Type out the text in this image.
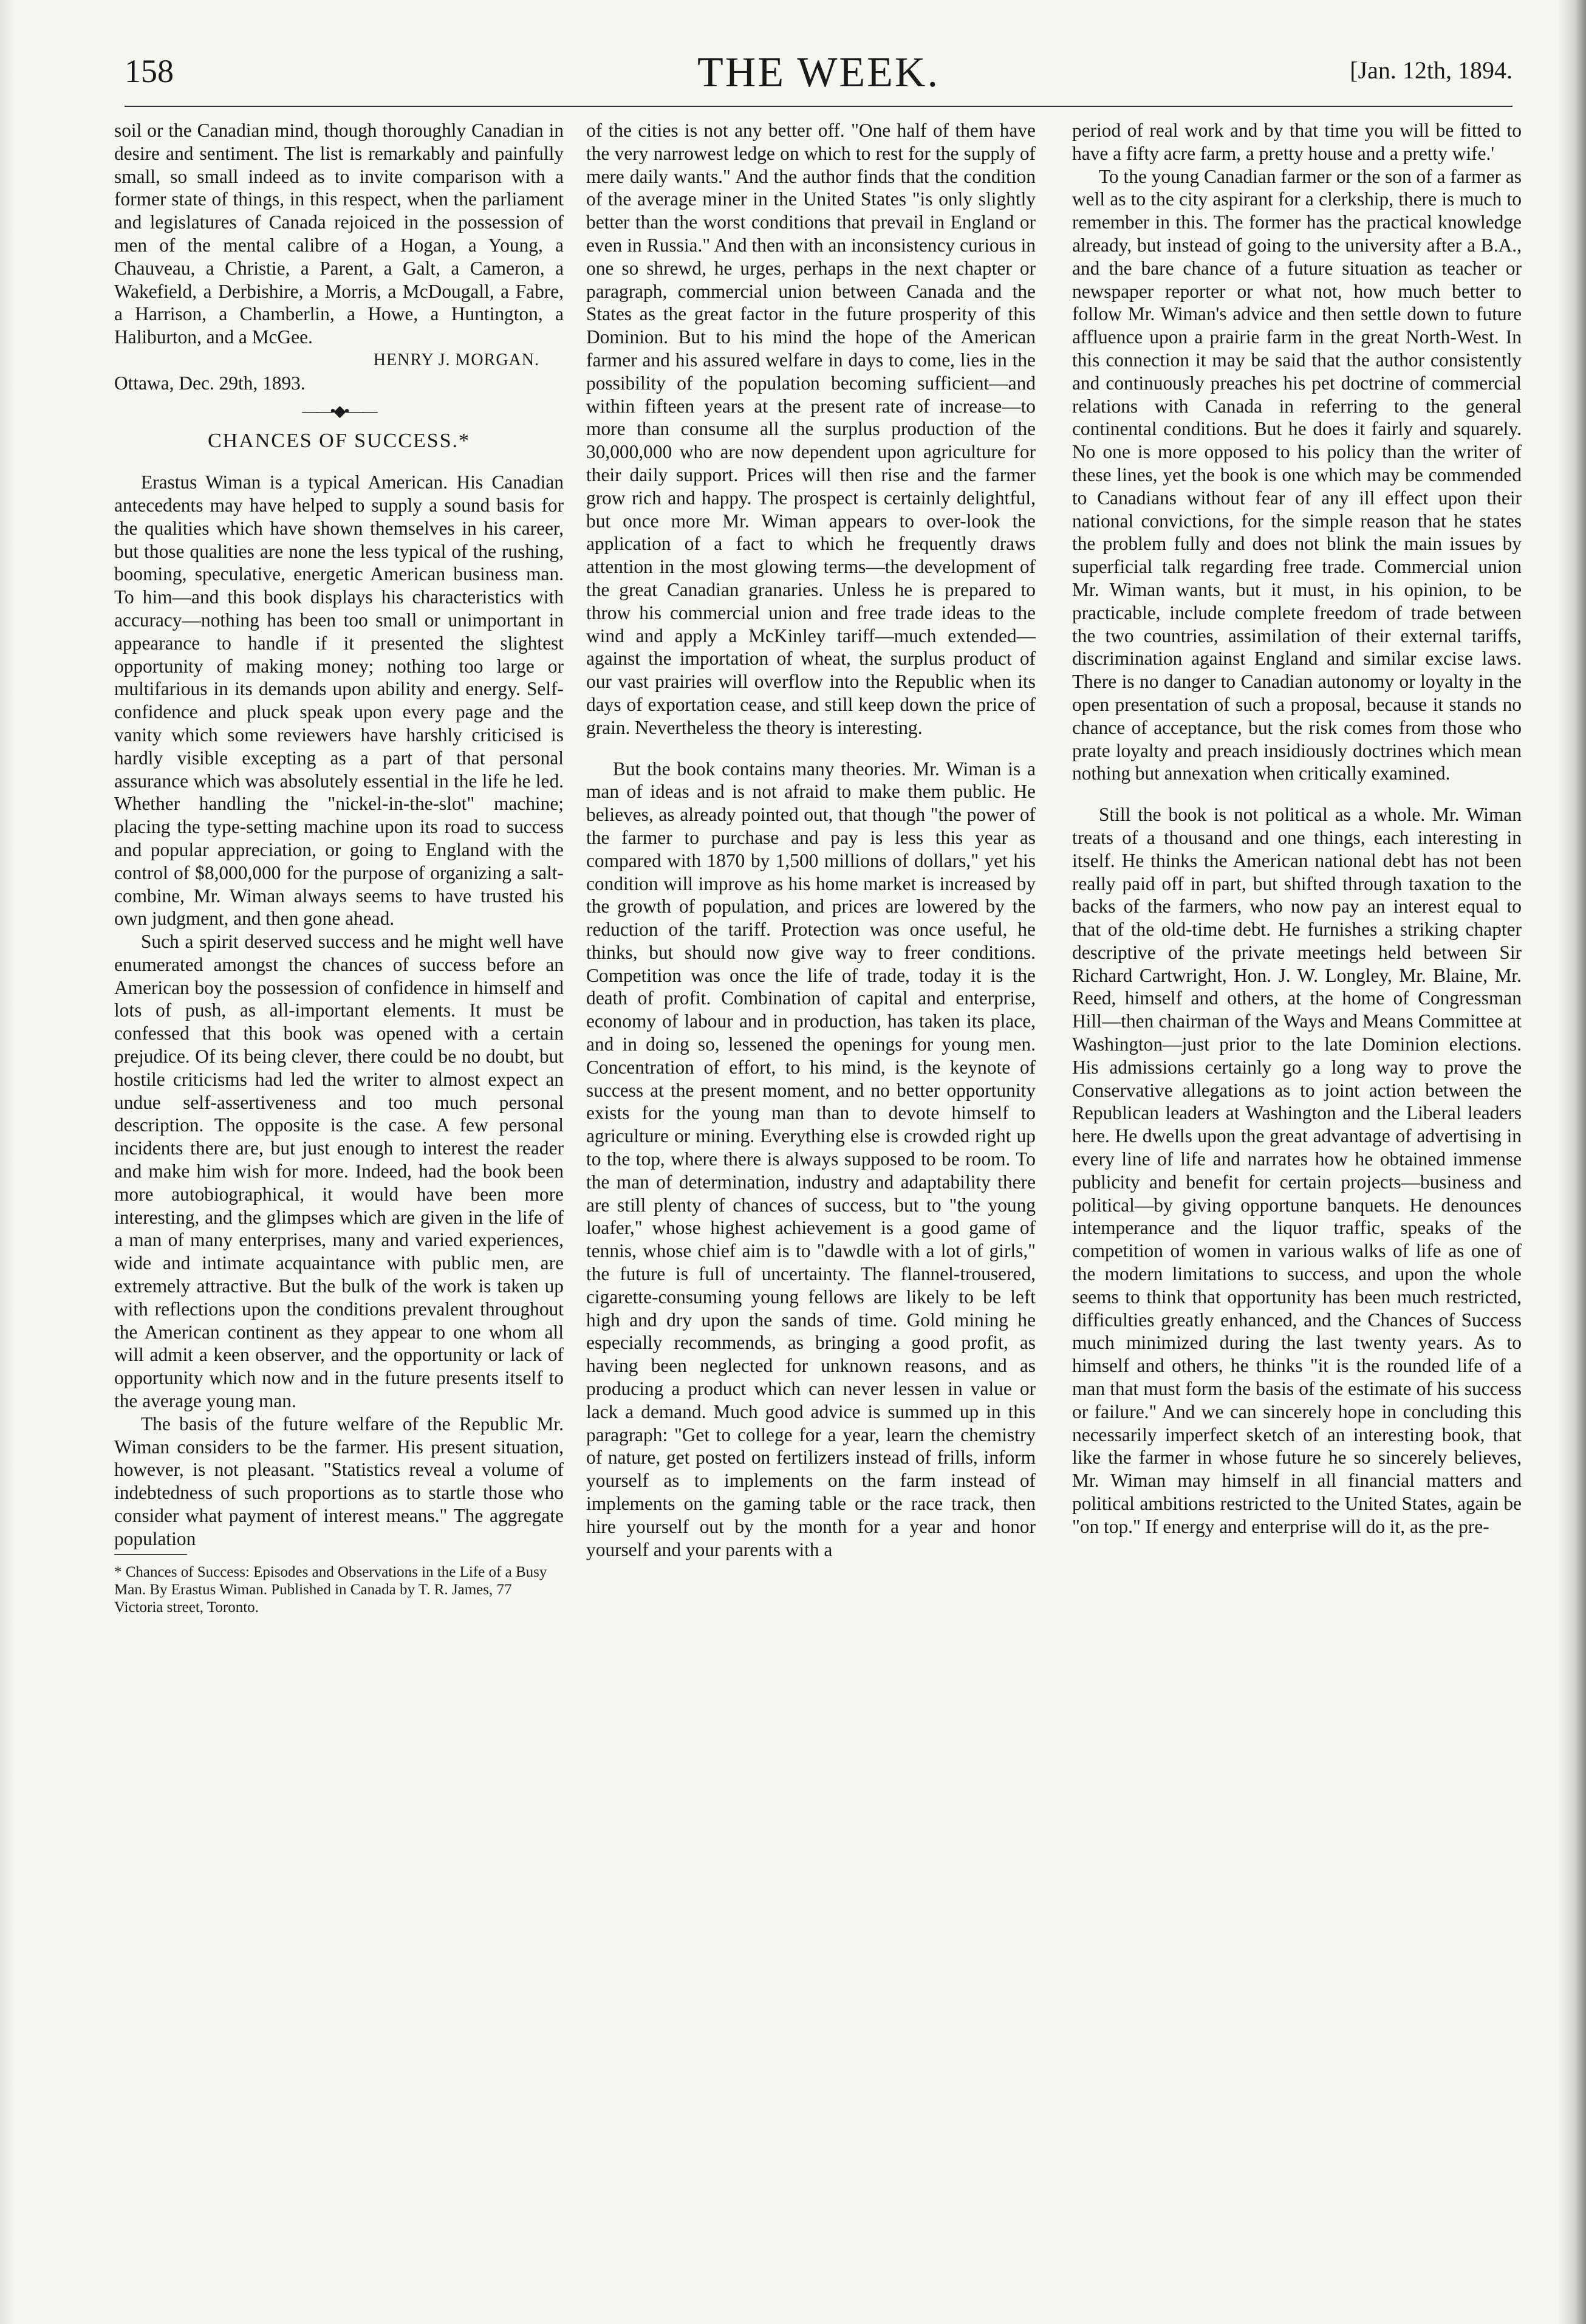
158	THE WEEK.	[Jan. 12th, 1894.

soil or the Canadian mind, though thoroughly Canadian in desire and sentiment. The list is remarkably and painfully small, so small indeed as to invite comparison with a former state of things, in this respect, when the parliament and legislatures of Canada rejoiced in the possession of men of the mental calibre of a Hogan, a Young, a Chauveau, a Christie, a Parent, a Galt, a Cameron, a Wakefield, a Derbishire, a Morris, a McDougall, a Fabre, a Harrison, a Chamberlin, a Howe, a Huntington, a Haliburton, and a McGee.

HENRY J. MORGAN.

Ottawa, Dec. 29th, 1893.

——•◆•——
CHANCES OF SUCCESS.*

Erastus Wiman is a typical American. His Canadian antecedents may have helped to supply a sound basis for the qualities which have shown themselves in his career, but those qualities are none the less typical of the rushing, booming, speculative, energetic American business man. To him—and this book displays his characteristics with accuracy—nothing has been too small or unimportant in appearance to handle if it presented the slightest opportunity of making money; nothing too large or multifarious in its demands upon ability and energy. Self-confidence and pluck speak upon every page and the vanity which some reviewers have harshly criticised is hardly visible excepting as a part of that personal assurance which was absolutely essential in the life he led. Whether handling the "nickel-in-the-slot" machine; placing the type-setting machine upon its road to success and popular appreciation, or going to England with the control of $8,000,000 for the purpose of organizing a salt-combine, Mr. Wiman always seems to have trusted his own judgment, and then gone ahead.

Such a spirit deserved success and he might well have enumerated amongst the chances of success before an American boy the possession of confidence in himself and lots of push, as all-important elements. It must be confessed that this book was opened with a certain prejudice. Of its being clever, there could be no doubt, but hostile criticisms had led the writer to almost expect an undue self-assertiveness and too much personal description. The opposite is the case. A few personal incidents there are, but just enough to interest the reader and make him wish for more. Indeed, had the book been more autobiographical, it would have been more interesting, and the glimpses which are given in the life of a man of many enterprises, many and varied experiences, wide and intimate acquaintance with public men, are extremely attractive. But the bulk of the work is taken up with reflections upon the conditions prevalent throughout the American continent as they appear to one whom all will admit a keen observer, and the opportunity or lack of opportunity which now and in the future presents itself to the average young man.

The basis of the future welfare of the Republic Mr. Wiman considers to be the farmer. His present situation, however, is not pleasant. "Statistics reveal a volume of indebtedness of such proportions as to startle those who consider what payment of interest means." The aggregate population

* Chances of Success: Episodes and Observations in the Life of a Busy Man. By Erastus Wiman. Published in Canada by T. R. James, 77 Victoria street, Toronto.

of the cities is not any better off. "One half of them have the very narrowest ledge on which to rest for the supply of mere daily wants." And the author finds that the condition of the average miner in the United States "is only slightly better than the worst conditions that prevail in England or even in Russia." And then with an inconsistency curious in one so shrewd, he urges, perhaps in the next chapter or paragraph, commercial union between Canada and the States as the great factor in the future prosperity of this Dominion. But to his mind the hope of the American farmer and his assured welfare in days to come, lies in the possibility of the population becoming sufficient—and within fifteen years at the present rate of increase—to more than consume all the surplus production of the 30,000,000 who are now dependent upon agriculture for their daily support. Prices will then rise and the farmer grow rich and happy. The prospect is certainly delightful, but once more Mr. Wiman appears to over-look the application of a fact to which he frequently draws attention in the most glowing terms—the development of the great Canadian granaries. Unless he is prepared to throw his commercial union and free trade ideas to the wind and apply a McKinley tariff—much extended—against the importation of wheat, the surplus product of our vast prairies will overflow into the Republic when its days of exportation cease, and still keep down the price of grain. Nevertheless the theory is interesting.

But the book contains many theories. Mr. Wiman is a man of ideas and is not afraid to make them public. He believes, as already pointed out, that though "the power of the farmer to purchase and pay is less this year as compared with 1870 by 1,500 millions of dollars," yet his condition will improve as his home market is increased by the growth of population, and prices are lowered by the reduction of the tariff. Protection was once useful, he thinks, but should now give way to freer conditions. Competition was once the life of trade, today it is the death of profit. Combination of capital and enterprise, economy of labour and in production, has taken its place, and in doing so, lessened the openings for young men. Concentration of effort, to his mind, is the keynote of success at the present moment, and no better opportunity exists for the young man than to devote himself to agriculture or mining. Everything else is crowded right up to the top, where there is always supposed to be room. To the man of determination, industry and adaptability there are still plenty of chances of success, but to "the young loafer," whose highest achievement is a good game of tennis, whose chief aim is to "dawdle with a lot of girls," the future is full of uncertainty. The flannel-trousered, cigarette-consuming young fellows are likely to be left high and dry upon the sands of time. Gold mining he especially recommends, as bringing a good profit, as having been neglected for unknown reasons, and as producing a product which can never lessen in value or lack a demand. Much good advice is summed up in this paragraph: "Get to college for a year, learn the chemistry of nature, get posted on fertilizers instead of frills, inform yourself as to implements on the farm instead of implements on the gaming table or the race track, then hire yourself out by the month for a year and honor yourself and your parents with a

period of real work and by that time you will be fitted to have a fifty acre farm, a pretty house and a pretty wife.'

To the young Canadian farmer or the son of a farmer as well as to the city aspirant for a clerkship, there is much to remember in this. The former has the practical knowledge already, but instead of going to the university after a B.A., and the bare chance of a future situation as teacher or newspaper reporter or what not, how much better to follow Mr. Wiman's advice and then settle down to future affluence upon a prairie farm in the great North-West. In this connection it may be said that the author consistently and continuously preaches his pet doctrine of commercial relations with Canada in referring to the general continental conditions. But he does it fairly and squarely. No one is more opposed to his policy than the writer of these lines, yet the book is one which may be commended to Canadians without fear of any ill effect upon their national convictions, for the simple reason that he states the problem fully and does not blink the main issues by superficial talk regarding free trade. Commercial union Mr. Wiman wants, but it must, in his opinion, to be practicable, include complete freedom of trade between the two countries, assimilation of their external tariffs, discrimination against England and similar excise laws. There is no danger to Canadian autonomy or loyalty in the open presentation of such a proposal, because it stands no chance of acceptance, but the risk comes from those who prate loyalty and preach insidiously doctrines which mean nothing but annexation when critically examined.

Still the book is not political as a whole. Mr. Wiman treats of a thousand and one things, each interesting in itself. He thinks the American national debt has not been really paid off in part, but shifted through taxation to the backs of the farmers, who now pay an interest equal to that of the old-time debt. He furnishes a striking chapter descriptive of the private meetings held between Sir Richard Cartwright, Hon. J. W. Longley, Mr. Blaine, Mr. Reed, himself and others, at the home of Congressman Hill—then chairman of the Ways and Means Committee at Washington—just prior to the late Dominion elections. His admissions certainly go a long way to prove the Conservative allegations as to joint action between the Republican leaders at Washington and the Liberal leaders here. He dwells upon the great advantage of advertising in every line of life and narrates how he obtained immense publicity and benefit for certain projects—business and political—by giving opportune banquets. He denounces intemperance and the liquor traffic, speaks of the competition of women in various walks of life as one of the modern limitations to success, and upon the whole seems to think that opportunity has been much restricted, difficulties greatly enhanced, and the Chances of Success much minimized during the last twenty years. As to himself and others, he thinks "it is the rounded life of a man that must form the basis of the estimate of his success or failure." And we can sincerely hope in concluding this necessarily imperfect sketch of an interesting book, that like the farmer in whose future he so sincerely believes, Mr. Wiman may himself in all financial matters and political ambitions restricted to the United States, again be "on top." If energy and enterprise will do it, as the pre-
